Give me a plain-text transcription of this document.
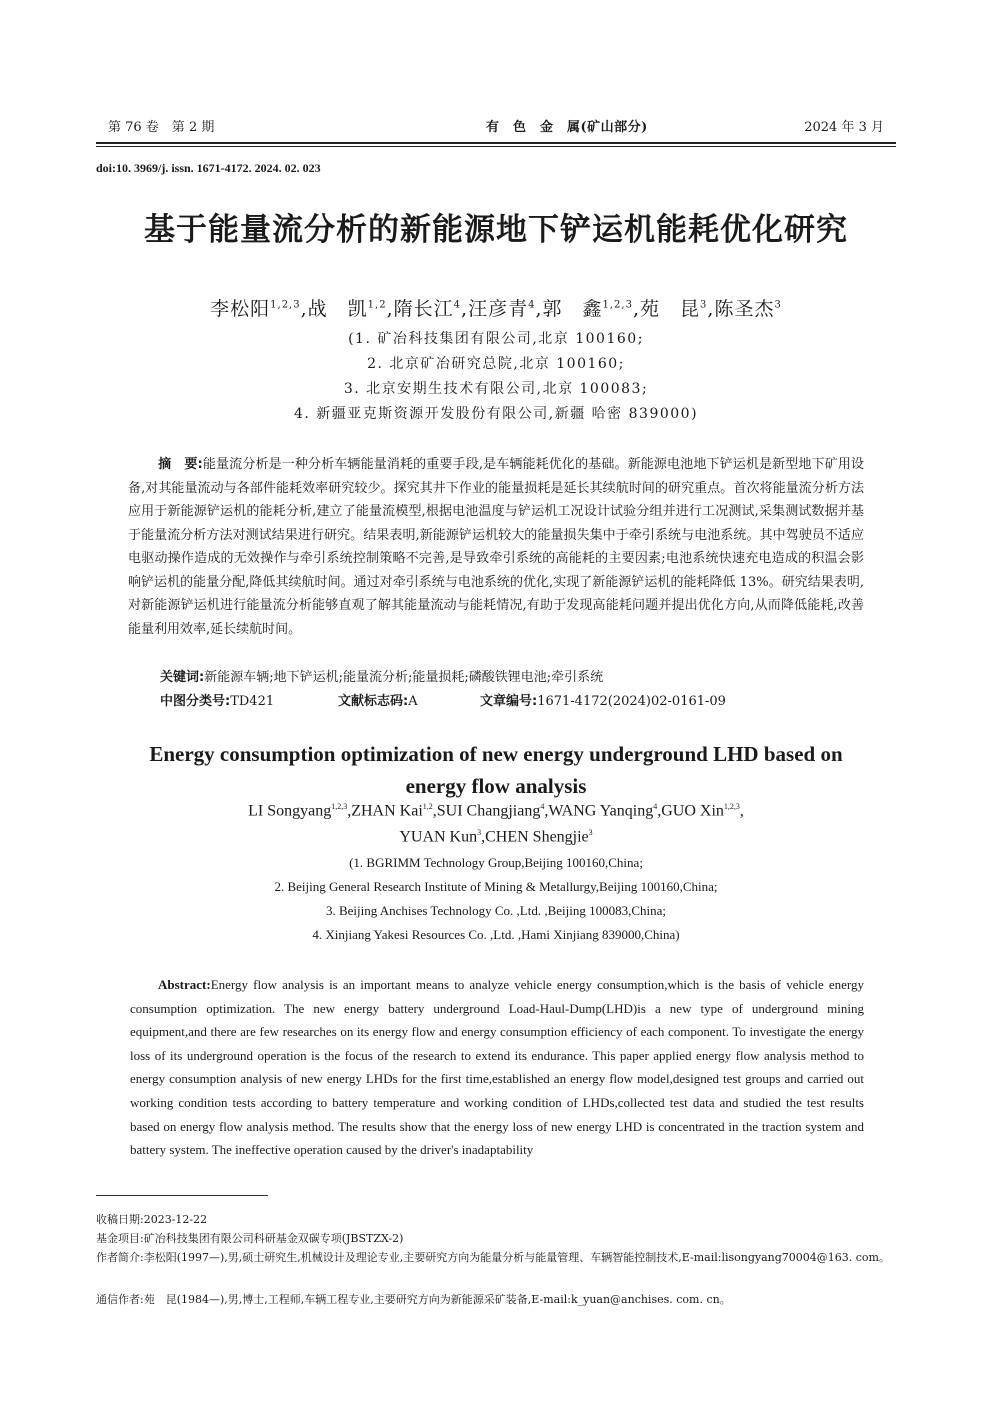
第 76 卷　第 2 期	有　色　金　属(矿山部分)	2024 年 3 月
doi:10. 3969/j. issn. 1671-4172. 2024. 02. 023
基于能量流分析的新能源地下铲运机能耗优化研究
李松阳$^{1,2,3}$,战　凯$^{1,2}$,隋长江$^4$,汪彦青$^4$,郭　鑫$^{1,2,3}$,苑　昆$^3$,陈圣杰$^3$
(1. 矿冶科技集团有限公司,北京 100160;
2. 北京矿冶研究总院,北京 100160;
3. 北京安期生技术有限公司,北京 100083;
4. 新疆亚克斯资源开发股份有限公司,新疆 哈密 839000)
摘　要:能量流分析是一种分析车辆能量消耗的重要手段,是车辆能耗优化的基础。新能源电池地下铲运机是新型地下矿用设备,对其能量流动与各部件能耗效率研究较少。探究其井下作业的能量损耗是延长其续航时间的研究重点。首次将能量流分析方法应用于新能源铲运机的能耗分析,建立了能量流模型,根据电池温度与铲运机工况设计试验分组并进行工况测试,采集测试数据并基于能量流分析方法对测试结果进行研究。结果表明,新能源铲运机较大的能量损失集中于牵引系统与电池系统。其中驾驶员不适应电驱动操作造成的无效操作与牵引系统控制策略不完善,是导致牵引系统的高能耗的主要因素;电池系统快速充电造成的积温会影响铲运机的能量分配,降低其续航时间。通过对牵引系统与电池系统的优化,实现了新能源铲运机的能耗降低 13%。研究结果表明,对新能源铲运机进行能量流分析能够直观了解其能量流动与能耗情况,有助于发现高能耗问题并提出优化方向,从而降低能耗,改善能量利用效率,延长续航时间。
关键词:新能源车辆;地下铲运机;能量流分析;能量损耗;磷酸铁锂电池;牵引系统
中图分类号:TD421	文献标志码:A	文章编号:1671-4172(2024)02-0161-09
Energy consumption optimization of new energy underground LHD based on
energy flow analysis
LI Songyang$^{1,2,3}$,ZHAN Kai$^{1,2}$,SUI Changjiang$^4$,WANG Yanqing$^4$,GUO Xin$^{1,2,3}$,
YUAN Kun$^3$,CHEN Shengjie$^3$
(1. BGRIMM Technology Group,Beijing 100160,China;
2. Beijing General Research Institute of Mining & Metallurgy,Beijing 100160,China;
3. Beijing Anchises Technology Co. ,Ltd. ,Beijing 100083,China;
4. Xinjiang Yakesi Resources Co. ,Ltd. ,Hami Xinjiang 839000,China)
Abstract:Energy flow analysis is an important means to analyze vehicle energy consumption,which is the basis of vehicle energy consumption optimization. The new energy battery underground Load-Haul-Dump(LHD)is a new type of underground mining equipment,and there are few researches on its energy flow and energy consumption efficiency of each component. To investigate the energy loss of its underground operation is the focus of the research to extend its endurance. This paper applied energy flow analysis method to energy consumption analysis of new energy LHDs for the first time,established an energy flow model,designed test groups and carried out working condition tests according to battery temperature and working condition of LHDs,collected test data and studied the test results based on energy flow analysis method. The results show that the energy loss of new energy LHD is concentrated in the traction system and battery system. The ineffective operation caused by the driver's inadaptability
收稿日期:2023-12-22
基金项目:矿冶科技集团有限公司科研基金双碳专项(JBSTZX-2)
作者简介:李松阳(1997—),男,硕士研究生,机械设计及理论专业,主要研究方向为能量分析与能量管理、车辆智能控制技术,E-mail:lisongyang70004@163. com。
通信作者:苑　昆(1984—),男,博士,工程师,车辆工程专业,主要研究方向为新能源采矿装备,E-mail:k_yuan@anchises. com. cn。
